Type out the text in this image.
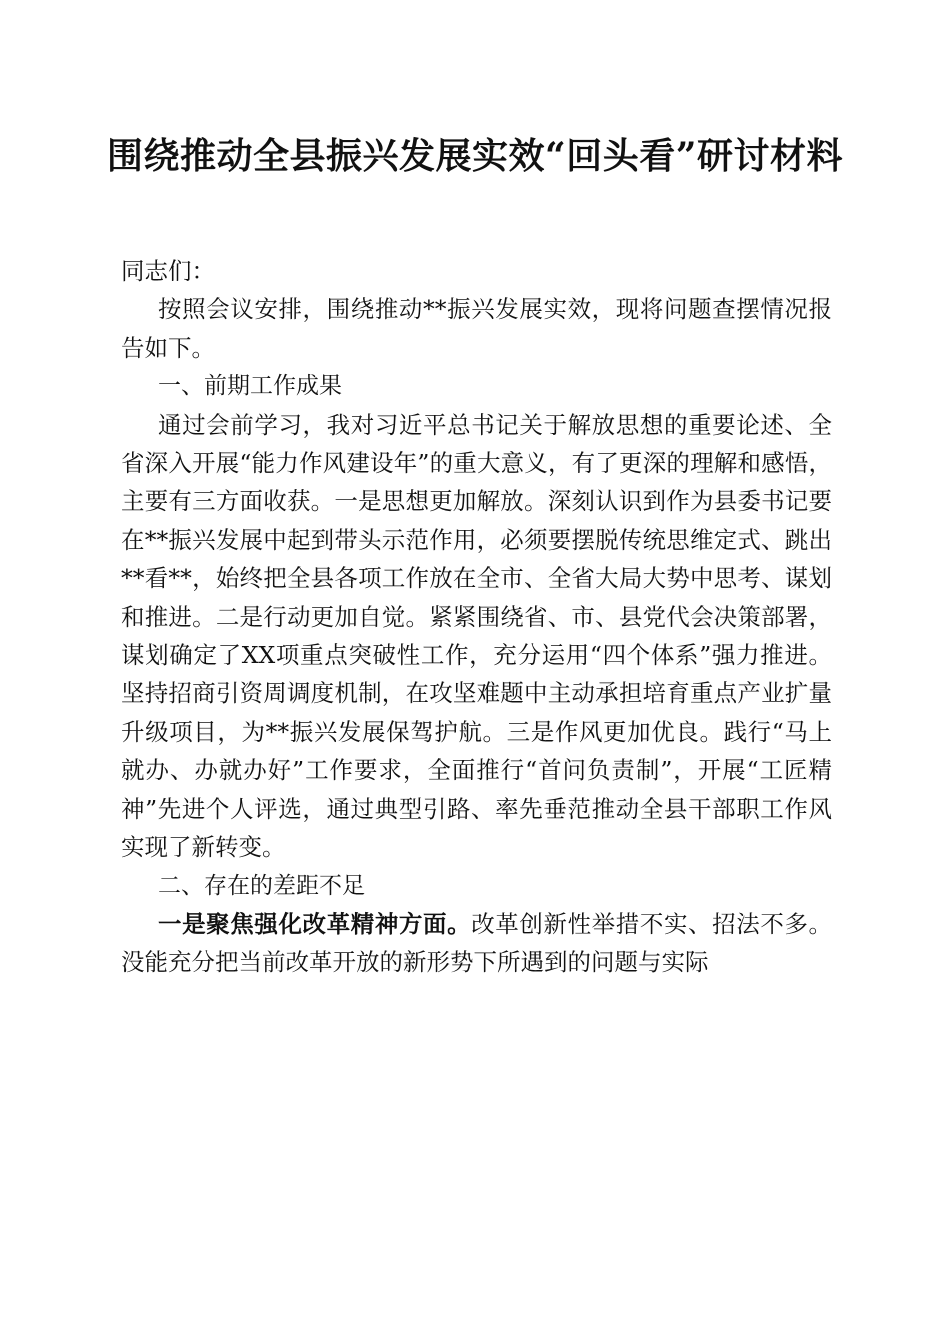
围绕推动全县振兴发展实效“回头看”研讨材料

同志们：

按照会议安排，围绕推动**振兴发展实效，现将问题查摆情况报告如下。

一、前期工作成果

通过会前学习，我对习近平总书记关于解放思想的重要论述、全省深入开展“能力作风建设年”的重大意义，有了更深的理解和感悟，主要有三方面收获。一是思想更加解放。深刻认识到作为县委书记要在**振兴发展中起到带头示范作用，必须要摆脱传统思维定式、跳出**看**，始终把全县各项工作放在全市、全省大局大势中思考、谋划和推进。二是行动更加自觉。紧紧围绕省、市、县党代会决策部署，谋划确定了XX项重点突破性工作，充分运用“四个体系”强力推进。坚持招商引资周调度机制，在攻坚难题中主动承担培育重点产业扩量升级项目，为**振兴发展保驾护航。三是作风更加优良。践行“马上就办、办就办好”工作要求，全面推行“首问负责制”，开展“工匠精神”先进个人评选，通过典型引路、率先垂范推动全县干部职工作风实现了新转变。

二、存在的差距不足

一是聚焦强化改革精神方面。改革创新性举措不实、招法不多。没能充分把当前改革开放的新形势下所遇到的问题与实际
